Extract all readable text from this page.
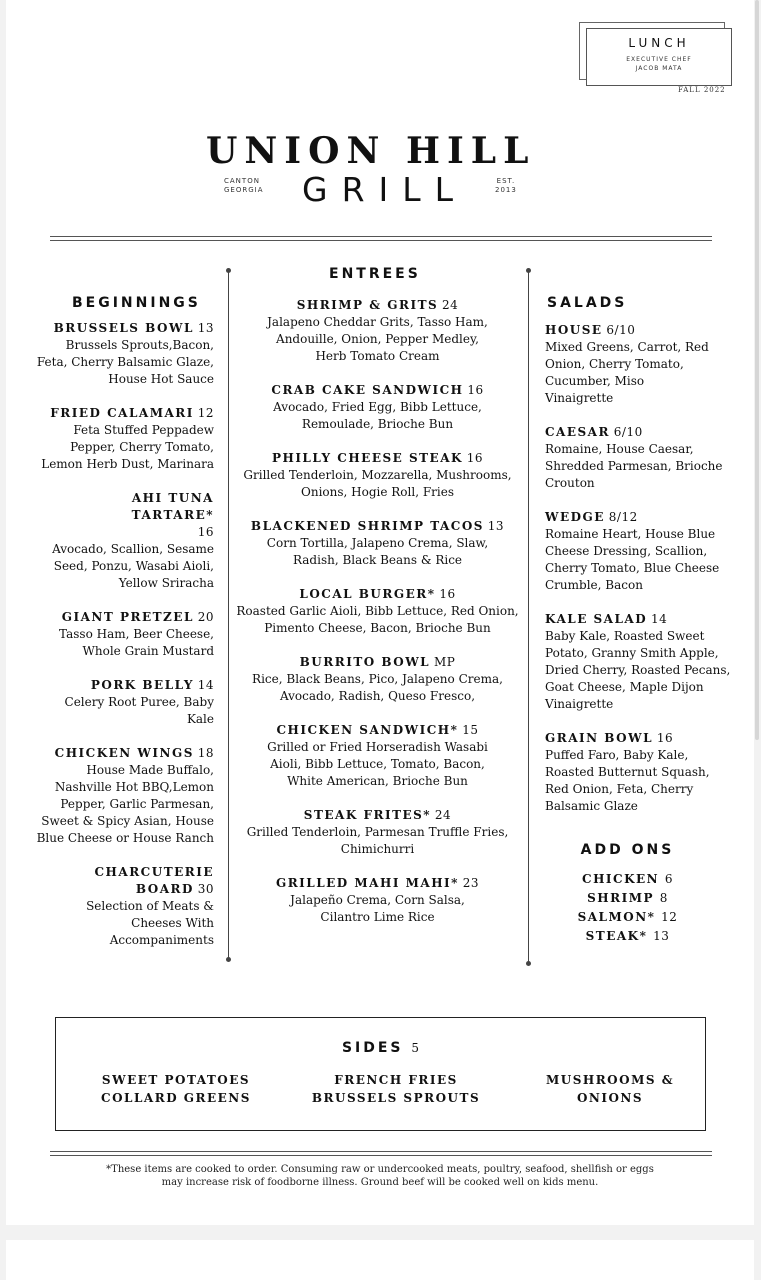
LUNCH
EXECUTIVE CHEF
JACOB MATA
FALL 2022
UNION HILL
GRILL
CANTON
GEORGIA
EST.
2013
BEGINNINGS
ENTREES
SALADS
BRUSSELS BOWL 13
Brussels Sprouts,Bacon, Feta, Cherry Balsamic Glaze, House Hot Sauce
FRIED CALAMARI 12
Feta Stuffed Peppadew Pepper, Cherry Tomato, Lemon Herb Dust, Marinara
AHI TUNA TARTARE* 16
Avocado, Scallion, Sesame Seed, Ponzu, Wasabi Aioli, Yellow Sriracha
GIANT PRETZEL 20
Tasso Ham, Beer Cheese, Whole Grain Mustard
PORK BELLY 14
Celery Root Puree, Baby Kale
CHICKEN WINGS 18
House Made Buffalo, Nashville Hot BBQ,Lemon Pepper, Garlic Parmesan, Sweet & Spicy Asian, House Blue Cheese or House Ranch
CHARCUTERIE BOARD 30
Selection of Meats & Cheeses With Accompaniments
SHRIMP & GRITS 24
Jalapeno Cheddar Grits, Tasso Ham, Andouille, Onion, Pepper Medley, Herb Tomato Cream
CRAB CAKE SANDWICH 16
Avocado, Fried Egg, Bibb Lettuce, Remoulade, Brioche Bun
PHILLY CHEESE STEAK 16
Grilled Tenderloin, Mozzarella, Mushrooms, Onions, Hogie Roll, Fries
BLACKENED SHRIMP TACOS 13
Corn Tortilla, Jalapeno Crema, Slaw, Radish, Black Beans & Rice
LOCAL BURGER* 16
Roasted Garlic Aioli, Bibb Lettuce, Red Onion, Pimento Cheese, Bacon, Brioche Bun
BURRITO BOWL MP
Rice, Black Beans, Pico, Jalapeno Crema, Avocado, Radish, Queso Fresco,
CHICKEN SANDWICH* 15
Grilled or Fried Horseradish Wasabi Aioli, Bibb Lettuce, Tomato, Bacon, White American, Brioche Bun
STEAK FRITES* 24
Grilled Tenderloin, Parmesan Truffle Fries, Chimichurri
GRILLED MAHI MAHI* 23
Jalapeño Crema, Corn Salsa, Cilantro Lime Rice
HOUSE 6/10
Mixed Greens, Carrot, Red Onion, Cherry Tomato, Cucumber, Miso Vinaigrette
CAESAR 6/10
Romaine, House Caesar, Shredded Parmesan, Brioche Crouton
WEDGE 8/12
Romaine Heart, House Blue Cheese Dressing, Scallion, Cherry Tomato, Blue Cheese Crumble, Bacon
KALE SALAD 14
Baby Kale, Roasted Sweet Potato, Granny Smith Apple, Dried Cherry, Roasted Pecans, Goat Cheese, Maple Dijon Vinaigrette
GRAIN BOWL 16
Puffed Faro, Baby Kale, Roasted Butternut Squash, Red Onion, Feta, Cherry Balsamic Glaze
ADD ONS
CHICKEN 6
SHRIMP 8
SALMON* 12
STEAK* 13
SIDES 5
SWEET POTATOES
COLLARD GREENS
FRENCH FRIES
BRUSSELS SPROUTS
MUSHROOMS &
ONIONS
*These items are cooked to order. Consuming raw or undercooked meats, poultry, seafood, shellfish or eggs
may increase risk of foodborne illness. Ground beef will be cooked well on kids menu.
